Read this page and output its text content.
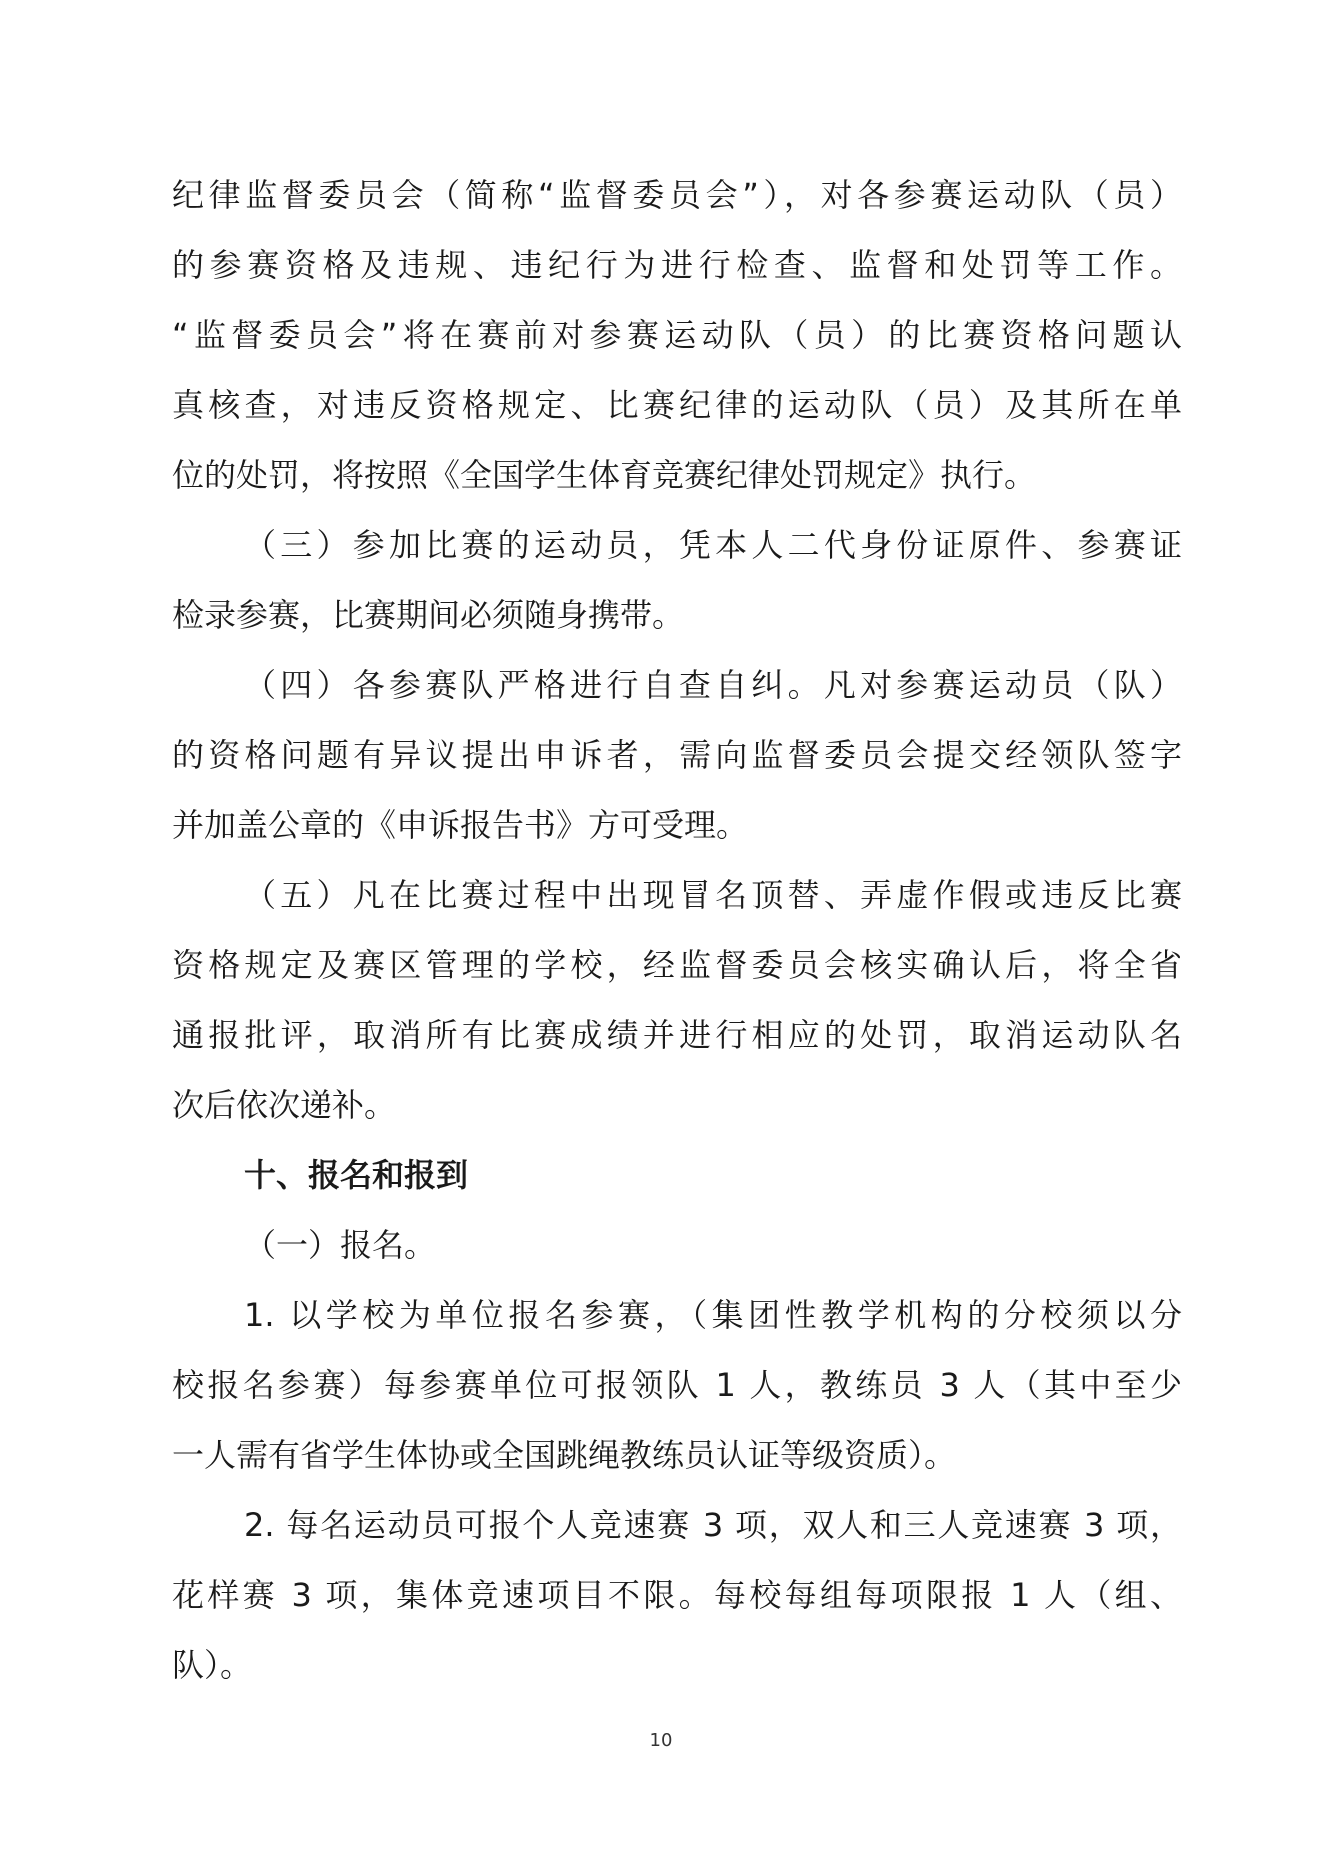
纪律监督委员会（简称“监督委员会”），对各参赛运动队（员）
的参赛资格及违规、违纪行为进行检查、监督和处罚等工作。
“监督委员会”将在赛前对参赛运动队（员）的比赛资格问题认
真核查，对违反资格规定、比赛纪律的运动队（员）及其所在单
位的处罚，将按照《全国学生体育竞赛纪律处罚规定》执行。
（三）参加比赛的运动员，凭本人二代身份证原件、参赛证
检录参赛，比赛期间必须随身携带。
（四）各参赛队严格进行自查自纠。凡对参赛运动员（队）
的资格问题有异议提出申诉者，需向监督委员会提交经领队签字
并加盖公章的《申诉报告书》方可受理。
（五）凡在比赛过程中出现冒名顶替、弄虚作假或违反比赛
资格规定及赛区管理的学校，经监督委员会核实确认后，将全省
通报批评，取消所有比赛成绩并进行相应的处罚，取消运动队名
次后依次递补。
十、报名和报到
（一）报名。
1. 以学校为单位报名参赛，（集团性教学机构的分校须以分
校报名参赛）每参赛单位可报领队 1 人，教练员 3 人（其中至少
一人需有省学生体协或全国跳绳教练员认证等级资质）。
2. 每名运动员可报个人竞速赛 3 项，双人和三人竞速赛 3 项，
花样赛 3 项，集体竞速项目不限。每校每组每项限报 1 人（组、
队）。
10
